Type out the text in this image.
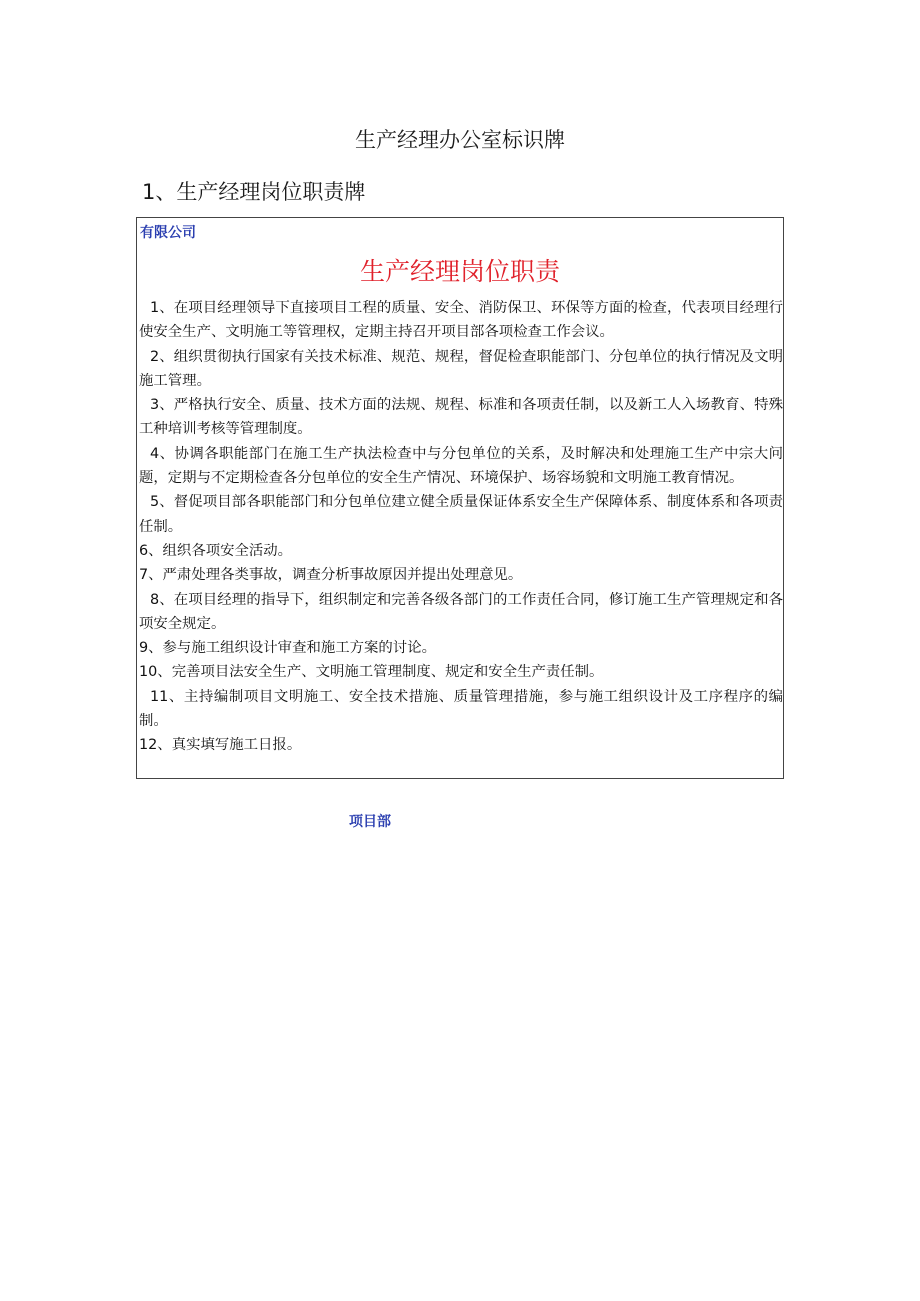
生产经理办公室标识牌
1、生产经理岗位职责牌
有限公司
生产经理岗位职责

1、在项目经理领导下直接项目工程的质量、安全、消防保卫、环保等方面的检查，代表项目经理行使安全生产、文明施工等管理权，定期主持召开项目部各项检查工作会议。

2、组织贯彻执行国家有关技术标准、规范、规程，督促检查职能部门、分包单位的执行情况及文明施工管理。

3、严格执行安全、质量、技术方面的法规、规程、标准和各项责任制，以及新工人入场教育、特殊工种培训考核等管理制度。

4、协调各职能部门在施工生产执法检查中与分包单位的关系，及时解决和处理施工生产中宗大问题，定期与不定期检查各分包单位的安全生产情况、环境保护、场容场貌和文明施工教育情况。

5、督促项目部各职能部门和分包单位建立健全质量保证体系安全生产保障体系、制度体系和各项责任制。

6、组织各项安全活动。

7、严肃处理各类事故，调查分析事故原因并提出处理意见。

8、在项目经理的指导下，组织制定和完善各级各部门的工作责任合同，修订施工生产管理规定和各项安全规定。

9、参与施工组织设计审查和施工方案的讨论。

10、完善项目法安全生产、文明施工管理制度、规定和安全生产责任制。

11、主持编制项目文明施工、安全技术措施、质量管理措施，参与施工组织设计及工序程序的编制。

12、真实填写施工日报。

项目部
